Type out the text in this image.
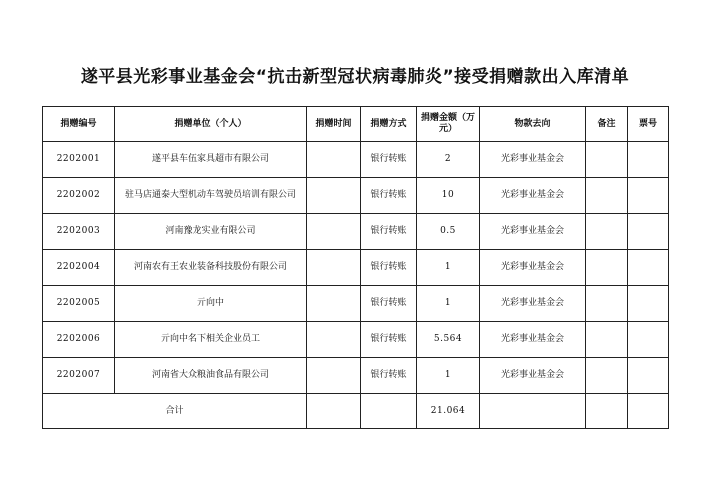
遂平县光彩事业基金会“抗击新型冠状病毒肺炎”接受捐赠款出入库清单
捐赠编号	捐赠单位（个人）	捐赠时间	捐赠方式	捐赠金额（万元）	物款去向	备注	票号
2202001	遂平县车伍家具超市有限公司		银行转账	2	光彩事业基金会		
2202002	驻马店通泰大型机动车驾驶员培训有限公司		银行转账	10	光彩事业基金会		
2202003	河南豫龙实业有限公司		银行转账	0.5	光彩事业基金会		
2202004	河南农有王农业装备科技股份有限公司		银行转账	1	光彩事业基金会		
2202005	亓向中		银行转账	1	光彩事业基金会		
2202006	亓向中名下相关企业员工		银行转账	5.564	光彩事业基金会		
2202007	河南省大众粮油食品有限公司		银行转账	1	光彩事业基金会		
合计				21.064			
